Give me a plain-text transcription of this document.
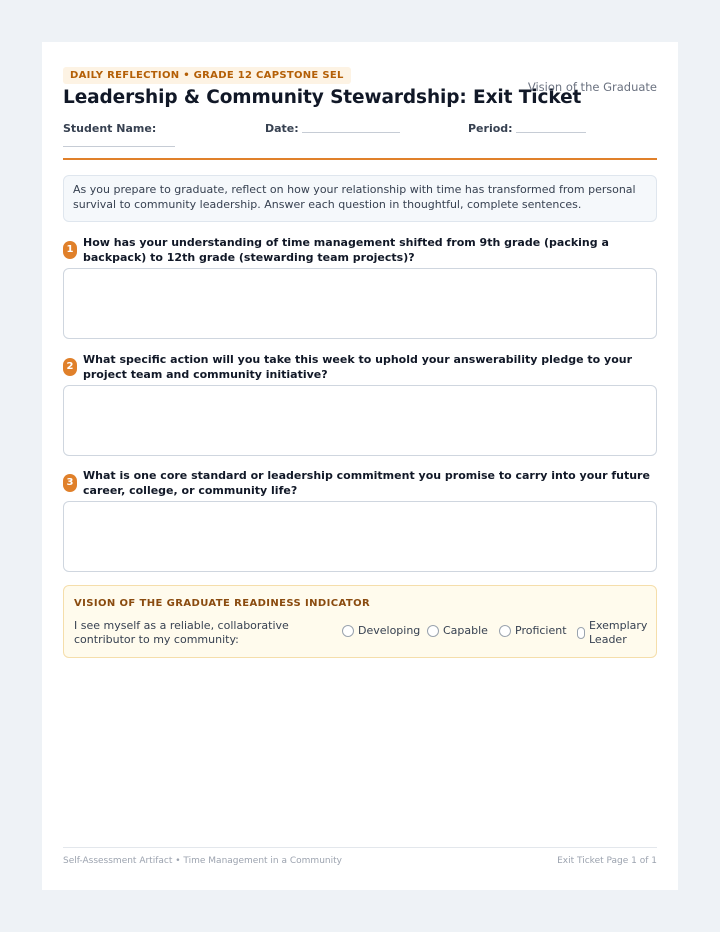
DAILY REFLECTION • GRADE 12 CAPSTONE SEL
Leadership & Community Stewardship: Exit Ticket
Vision of the Graduate
Student Name:	Date:	Period:
As you prepare to graduate, reflect on how your relationship with time has transformed from personal survival to community leadership. Answer each question in thoughtful, complete sentences.
1
How has your understanding of time management shifted from 9th grade (packing a backpack) to 12th grade (stewarding team projects)?
2
What specific action will you take this week to uphold your answerability pledge to your project team and community initiative?
3
What is one core standard or leadership commitment you promise to carry into your future career, college, or community life?
VISION OF THE GRADUATE READINESS INDICATOR
I see myself as a reliable, collaborative contributor to my community:
Developing Capable Proficient Exemplary Leader
Self-Assessment Artifact • Time Management in a Community	Exit Ticket Page 1 of 1
